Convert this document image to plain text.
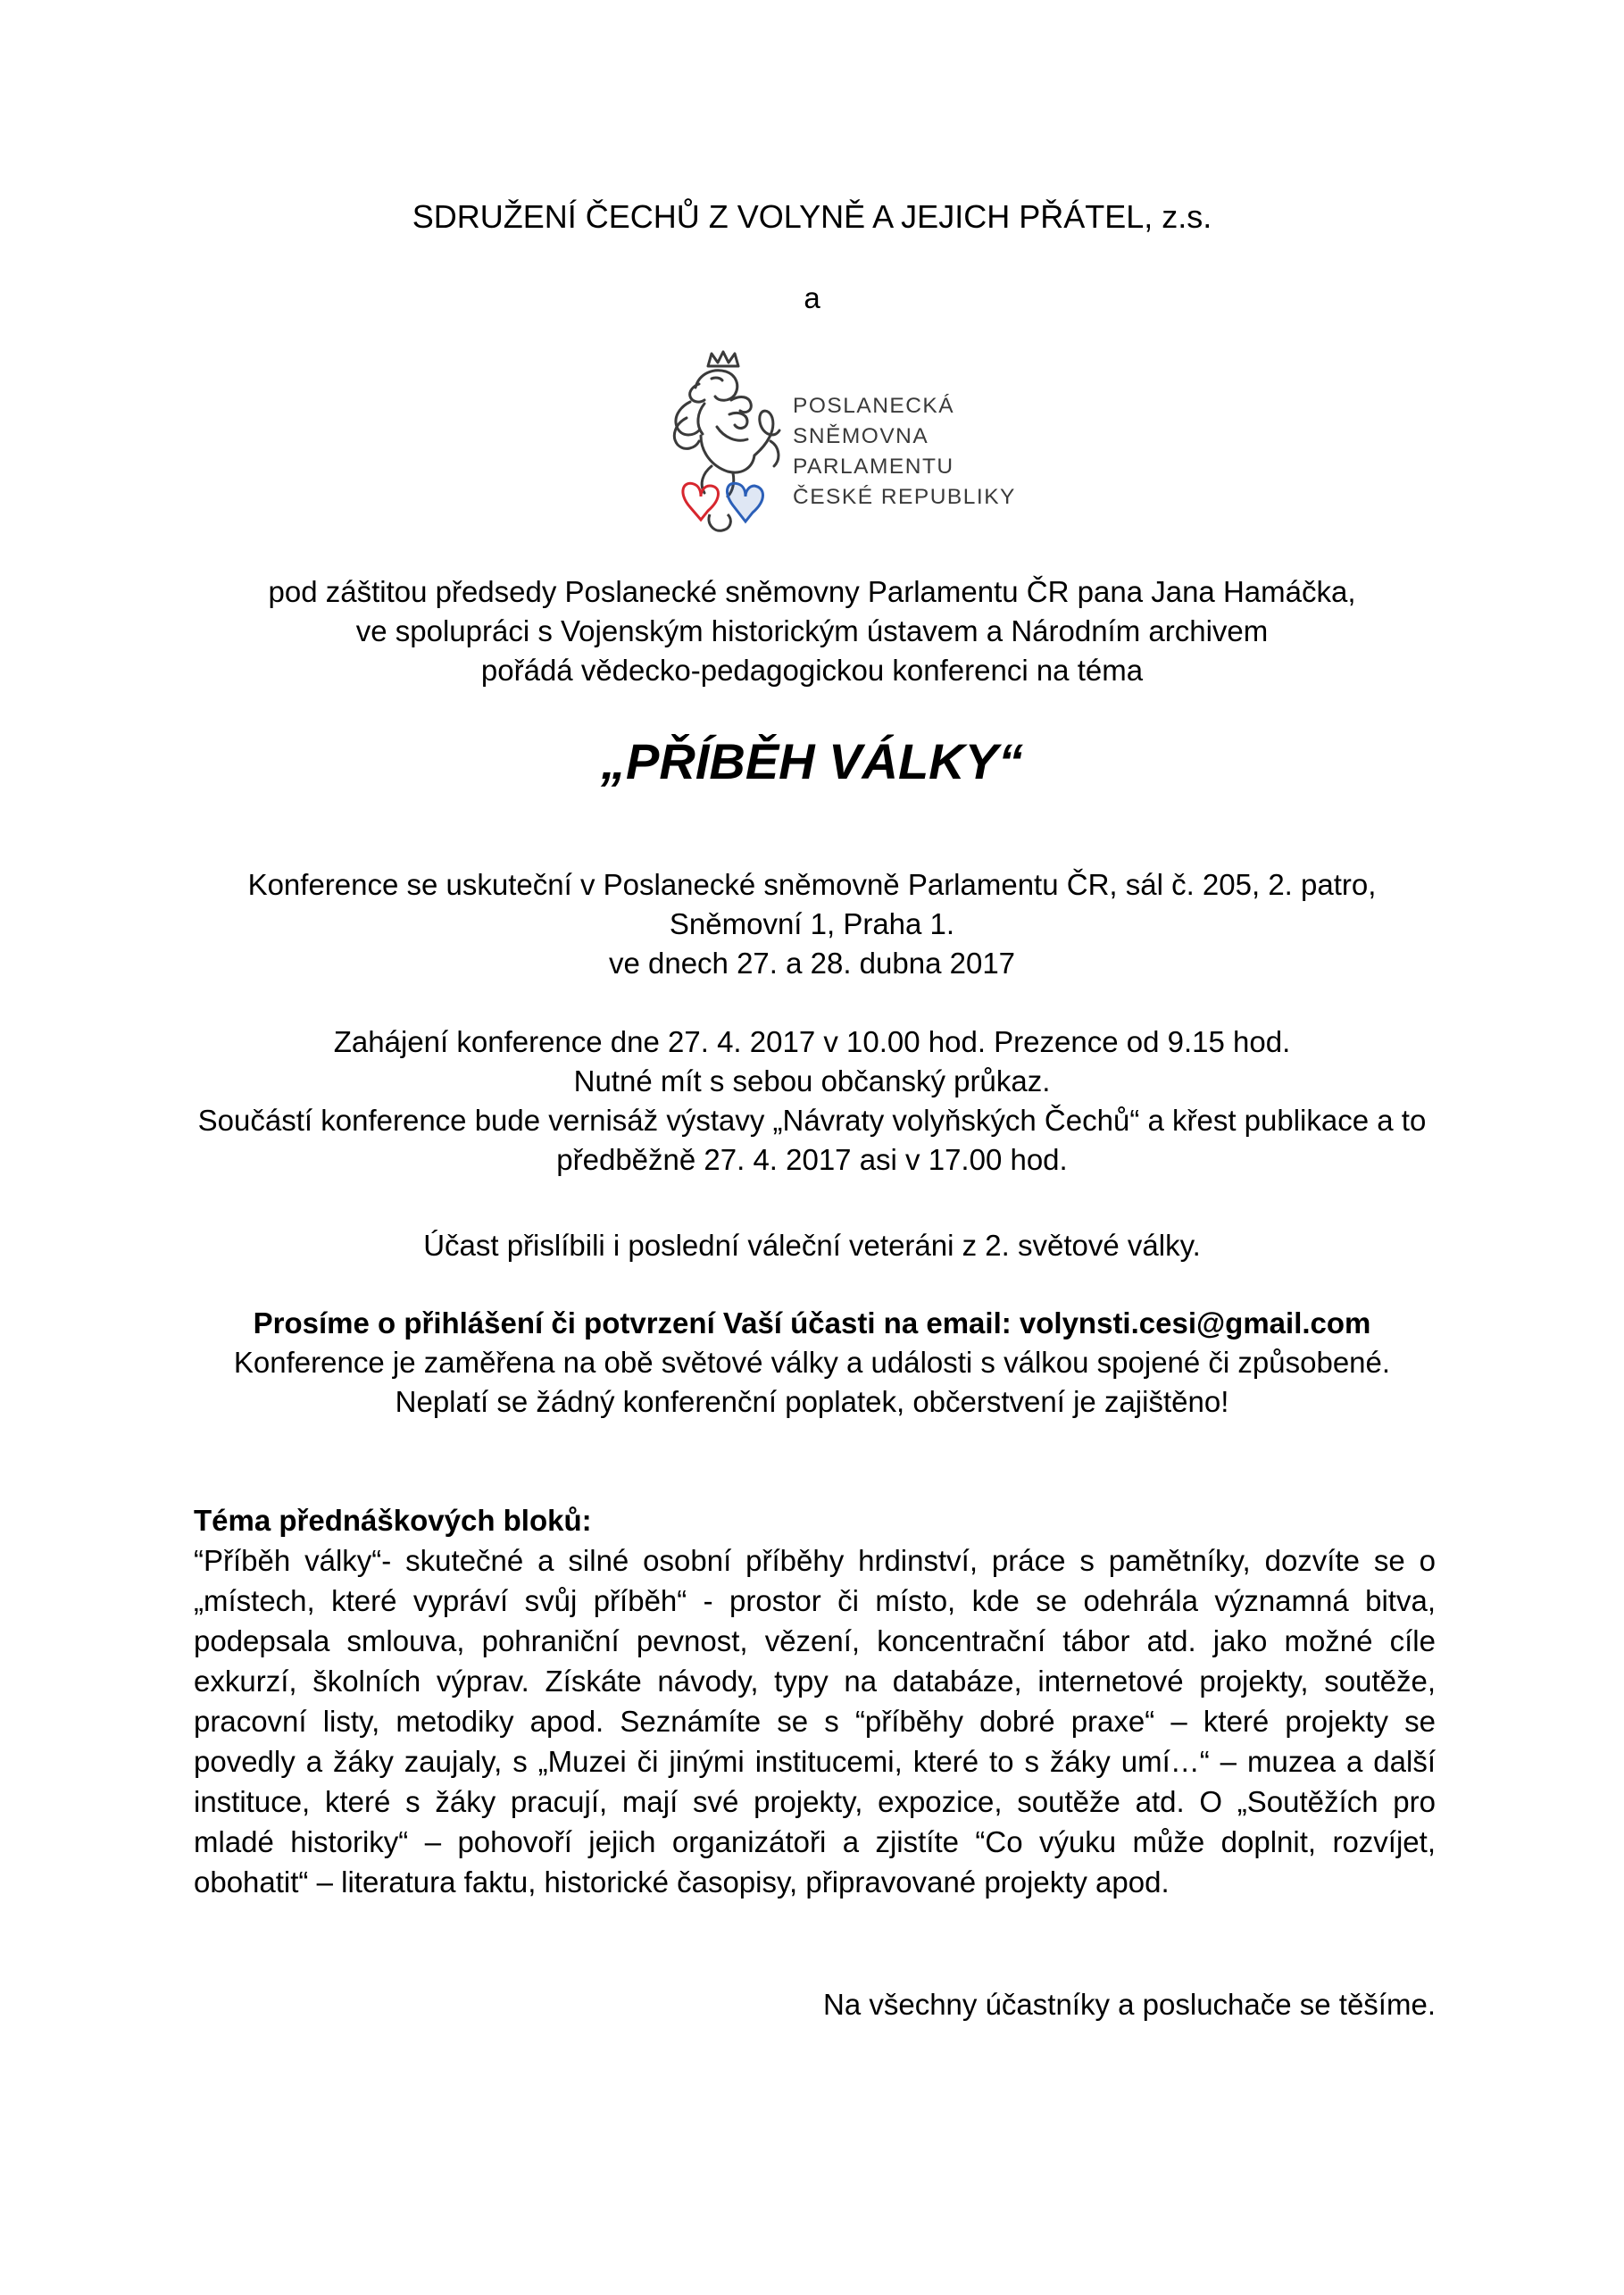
SDRUŽENÍ ČECHŮ Z VOLYNĚ A JEJICH PŘÁTEL, z.s.
a
POSLANECKÁ
SNĚMOVNA
PARLAMENTU
ČESKÉ REPUBLIKY
pod záštitou předsedy Poslanecké sněmovny Parlamentu ČR pana Jana Hamáčka,
ve spolupráci s Vojenským historickým ústavem a Národním archivem
pořádá vědecko-pedagogickou konferenci na téma
„PŘÍBĚH VÁLKY“
Konference se uskuteční v Poslanecké sněmovně Parlamentu ČR, sál č. 205, 2. patro,
Sněmovní 1, Praha 1.
ve dnech 27. a 28. dubna 2017
Zahájení konference dne 27. 4. 2017 v 10.00 hod. Prezence od 9.15 hod.
Nutné mít s sebou občanský průkaz.
Součástí konference bude vernisáž výstavy „Návraty volyňských Čechů“ a křest publikace a to
předběžně 27. 4. 2017 asi v 17.00 hod.
Účast přislíbili i poslední váleční veteráni z 2. světové války.
Prosíme o přihlášení či potvrzení Vaší účasti na email: volynsti.cesi@gmail.com
Konference je zaměřena na obě světové války a události s válkou spojené či způsobené.
Neplatí se žádný konferenční poplatek, občerstvení je zajištěno!
Téma přednáškových bloků:
“Příběh války“- skutečné a silné osobní příběhy hrdinství, práce s pamětníky, dozvíte se o „místech, které vypráví svůj příběh“ - prostor či místo, kde se odehrála významná bitva, podepsala smlouva, pohraniční pevnost, vězení, koncentrační tábor atd. jako možné cíle exkurzí, školních výprav. Získáte návody, typy na databáze, internetové projekty, soutěže, pracovní listy, metodiky apod. Seznámíte se s “příběhy dobré praxe“ – které projekty se povedly a žáky zaujaly, s „Muzei či jinými institucemi, které to s žáky umí…“ – muzea a další instituce, které s žáky pracují, mají své projekty, expozice, soutěže atd. O „Soutěžích pro mladé historiky“ – pohovoří jejich organizátoři a zjistíte “Co výuku může doplnit, rozvíjet, obohatit“ – literatura faktu, historické časopisy, připravované projekty apod.
Na všechny účastníky a posluchače se těšíme.
